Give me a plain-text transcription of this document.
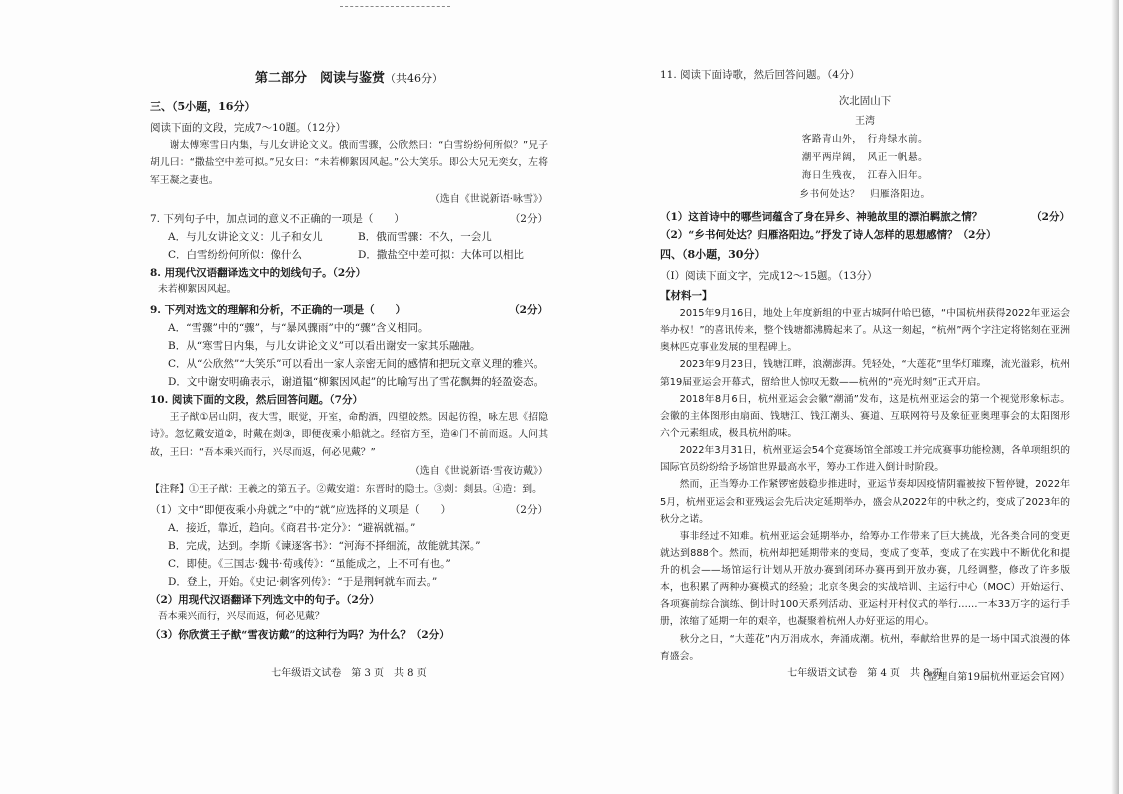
第二部分　阅读与鉴赏（共46分）
三、（5小题，16分）
阅读下面的文段，完成7～10题。（12分）

谢太傅寒雪日内集，与儿女讲论文义。俄而雪骤，公欣然曰：“白雪纷纷何所似？”兄子胡儿曰：“撒盐空中差可拟。”兄女曰：“未若柳絮因风起。”公大笑乐。即公大兄无奕女，左将军王凝之妻也。

（选自《世说新语·咏雪》）
7. 下列句子中，加点词的意义不正确的一项是（　　）	（2分）
A．与儿女讲论文义：儿子和女儿	B．俄而雪骤：不久，一会儿
C．白雪纷纷何所似：像什么	D．撒盐空中差可拟：大体可以相比
8. 用现代汉语翻译选文中的划线句子。（2分）
未若柳絮因风起。
9. 下列对选文的理解和分析，不正确的一项是（　　）	（2分）
A．“雪骤”中的“骤”，与“暴风骤雨”中的“骤”含义相同。
B．从“寒雪日内集，与儿女讲论文义”可以看出谢安一家其乐融融。
C．从“公欣然”“大笑乐”可以看出一家人亲密无间的感情和把玩文章义理的雅兴。
D．文中谢安明确表示，谢道韫“柳絮因风起”的比喻写出了雪花飘舞的轻盈姿态。
10. 阅读下面的文段，然后回答问题。（7分）

王子猷①居山阴，夜大雪，眠觉，开室，命酌酒，四望皎然。因起彷徨，咏左思《招隐诗》。忽忆戴安道②，时戴在剡③，即便夜乘小船就之。经宿方至，造④门不前而返。人问其故，王曰：“吾本乘兴而行，兴尽而返，何必见戴？”

（选自《世说新语·雪夜访戴》）
【注释】①王子猷：王羲之的第五子。②戴安道：东晋时的隐士。③剡：剡县。④造：到。
（1）文中“即便夜乘小舟就之”中的“就”应选择的义项是（　　）	（2分）
A．接近，靠近，趋向。《商君书·定分》：“避祸就福。”
B．完成，达到。李斯《谏逐客书》：“河海不择细流，故能就其深。”
C．即使。《三国志·魏书·荀彧传》：“虽能成之，上不可有也。”
D．登上，开始。《史记·刺客列传》：“于是荆轲就车而去。”
（2）用现代汉语翻译下列选文中的句子。（2分）
吾本乘兴而行，兴尽而返，何必见戴？
（3）你欣赏王子猷“雪夜访戴”的这种行为吗？为什么？（2分）
七年级语文试卷　第 3 页　共 8 页
11. 阅读下面诗歌，然后回答问题。（4分）
次北固山下
王湾
客路青山外，　行舟绿水前。
潮平两岸阔，　风正一帆悬。
海日生残夜，　江春入旧年。
乡书何处达？　归雁洛阳边。
（1）这首诗中的哪些词蕴含了身在异乡、神驰故里的漂泊羁旅之情？	（2分）
（2）“乡书何处达？归雁洛阳边。”抒发了诗人怎样的思想感情？（2分）
四、（8小题，30分）
（Ⅰ）阅读下面文字，完成12～15题。（13分）
【材料一】

2015年9月16日，地处上年度新组的中亚古城阿什哈巴德，“中国杭州获得2022年亚运会举办权！”的喜讯传来，整个钱塘都沸腾起来了。从这一刻起，“杭州”两个字注定将铭刻在亚洲奥林匹克事业发展的里程碑上。

2023年9月23日，钱塘江畔，浪潮澎湃。凭轻处，“大莲花”里华灯璀璨，流光溢彩，杭州第19届亚运会开幕式，留给世人惊叹无数——杭州的“亮光时刻”正式开启。

2018年8月6日，杭州亚运会会徽“潮涌”发布，这是杭州亚运会的第一个视觉形象标志。会徽的主体图形由扇面、钱塘江、钱江潮头、赛道、互联网符号及象征亚奥理事会的太阳图形六个元素组成，极具杭州韵味。

2022年3月31日，杭州亚运会54个竞赛场馆全部竣工并完成赛事功能检测，各单项组织的国际官员纷纷给予场馆世界最高水平，筹办工作进入倒计时阶段。

然而，正当筹办工作紧锣密鼓稳步推进时，亚运节奏却因疫情阴霾被按下暂停键，2022年5月，杭州亚运会和亚残运会先后决定延期举办，盛会从2022年的中秋之约，变成了2023年的秋分之诺。

事非经过不知难。杭州亚运会延期举办，给筹办工作带来了巨大挑战，光各类合同的变更就达到888个。然而，杭州却把延期带来的变局，变成了变革，变成了在实践中不断优化和提升的机会——场馆运行计划从开放办赛到闭环办赛再到开放办赛，几经调整，修改了许多版本，也积累了两种办赛模式的经验；北京冬奥会的实战培训、主运行中心（MOC）开始运行、各项赛前综合演练、倒计时100天系列活动、亚运村开村仪式的举行……一本33万字的运行手册，浓缩了延期一年的艰辛，也凝聚着杭州人办好亚运的用心。

秋分之日，“大莲花”内万涓成水，奔涌成潮。杭州，奉献给世界的是一场中国式浪漫的体育盛会。

（整理自第19届杭州亚运会官网）
七年级语文试卷　第 4 页　共 8 页
